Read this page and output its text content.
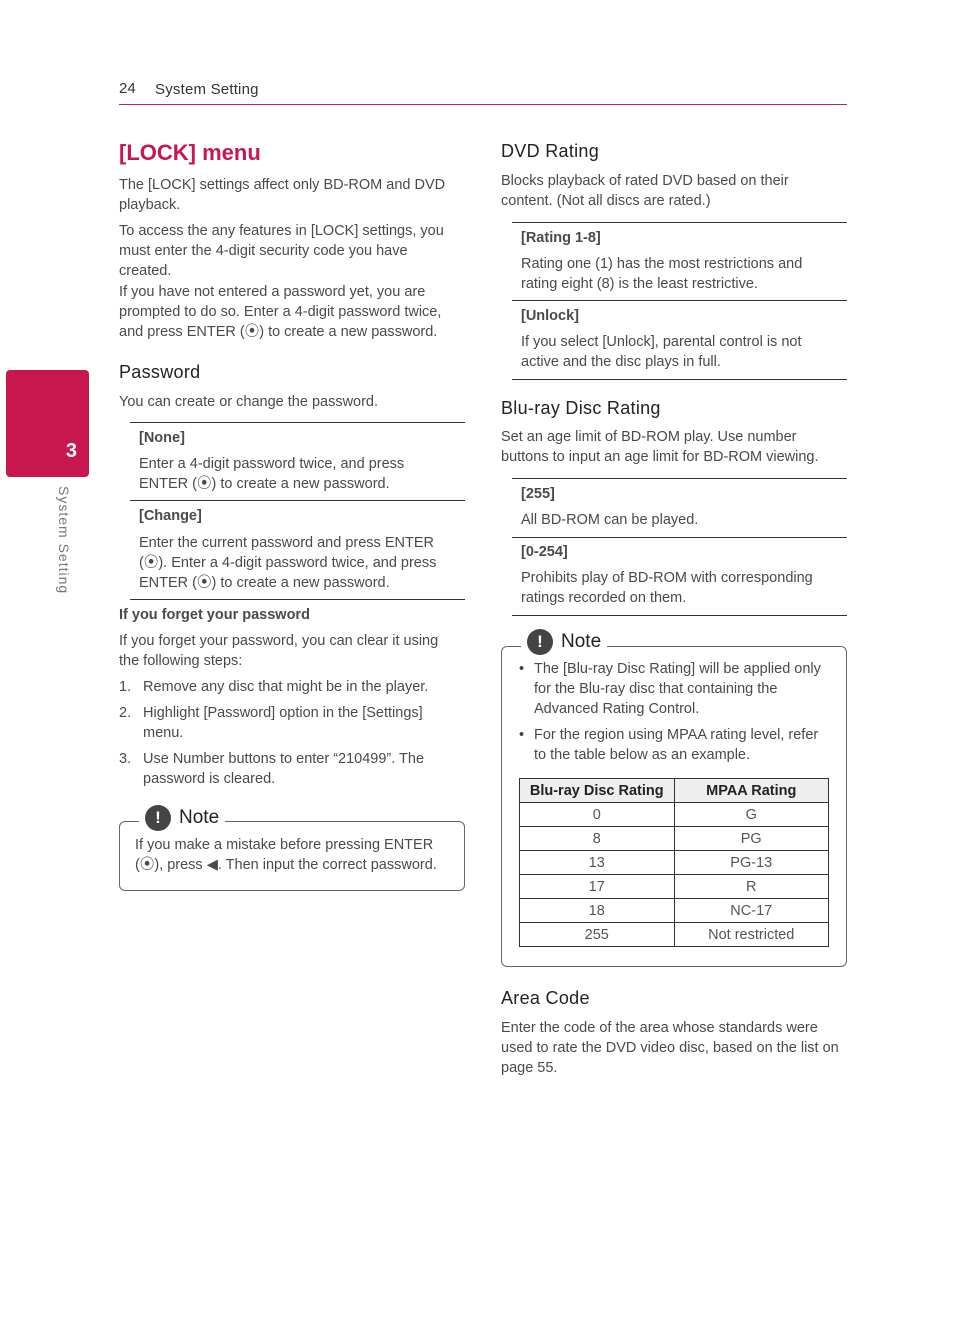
24 System Setting
3
System Setting
[LOCK] menu

The [LOCK] settings affect only BD-ROM and DVD playback.

To access the any features in [LOCK] settings, you must enter the 4-digit security code you have created.

If you have not entered a password yet, you are prompted to do so. Enter a 4-digit password twice, and press ENTER (⦿) to create a new password.

Password

You can create or change the password.

[None]

Enter a 4-digit password twice, and press ENTER (⦿) to create a new password.

[Change]

Enter the current password and press ENTER (⦿). Enter a 4-digit password twice, and press ENTER (⦿) to create a new password.

If you forget your password

If you forget your password, you can clear it using the following steps:

1. Remove any disc that might be in the player.
2. Highlight [Password] option in the [Settings] menu.
3. Use Number buttons to enter “210499”. The password is cleared.

If you make a mistake before pressing ENTER (⦿), press ◀. Then input the correct password.

! Note
DVD Rating

Blocks playback of rated DVD based on their content. (Not all discs are rated.)

[Rating 1-8]

Rating one (1) has the most restrictions and rating eight (8) is the least restrictive.

[Unlock]

If you select [Unlock], parental control is not active and the disc plays in full.

Blu-ray Disc Rating

Set an age limit of BD-ROM play. Use number buttons to input an age limit for BD-ROM viewing.

[255]

All BD-ROM can be played.

[0-254]

Prohibits play of BD-ROM with corresponding ratings recorded on them.

• The [Blu-ray Disc Rating] will be applied only for the Blu-ray disc that containing the Advanced Rating Control.
• For the region using MPAA rating level, refer to the table below as an example.
Blu-ray Disc Rating	MPAA Rating
0	G
8	PG
13	PG-13
17	R
18	NC-17
255	Not restricted
! Note
Area Code

Enter the code of the area whose standards were used to rate the DVD video disc, based on the list on page 55.
